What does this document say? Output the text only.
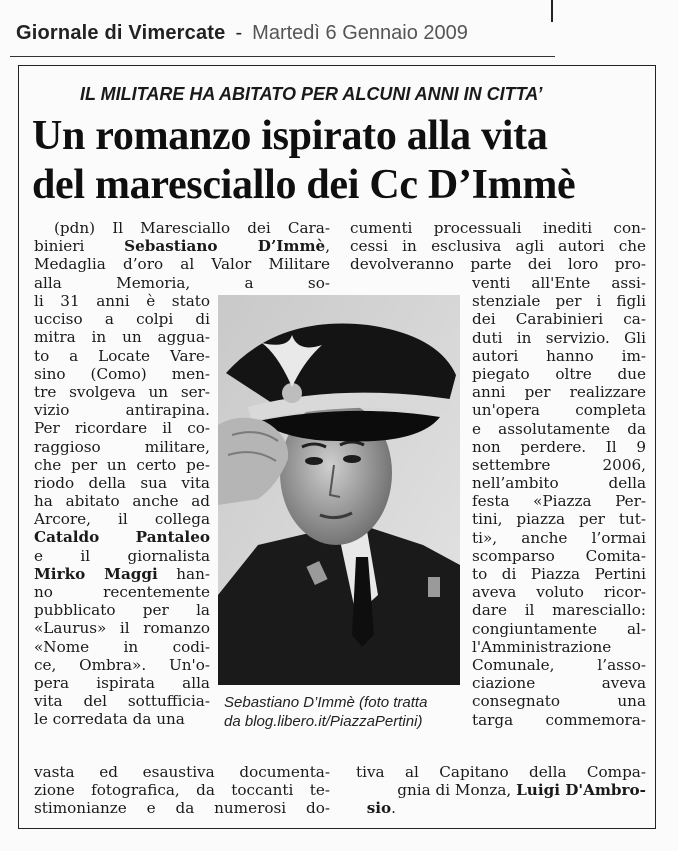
Giornale di Vimercate - Martedì 6 Gennaio 2009
IL MILITARE HA ABITATO PER ALCUNI ANNI IN CITTA’
Un romanzo ispirato alla vita
del maresciallo dei Cc D’Immè
(pdn) Il Maresciallo dei Cara-
binieri Sebastiano D’Immè,
Medaglia d’oro al Valor Militare
alla Memoria, a so-
li 31 anni è stato
ucciso a colpi di
mitra in un aggua-
to a Locate Vare-
sino (Como) men-
tre svolgeva un ser-
vizio antirapina.
Per ricordare il co-
raggioso militare,
che per un certo pe-
riodo della sua vita
ha abitato anche ad
Arcore, il collega
Cataldo Pantaleo
e il giornalista
Mirko Maggi han-
no recentemente
pubblicato per la
«Laurus» il romanzo
«Nome in codi-
ce, Ombra». Un'o-
pera ispirata alla
vita del sottufficia-
le corredata da una
vasta ed esaustiva documenta-
zione fotografica, da toccanti te-
stimonianze e da numerosi do-
cumenti processuali inediti con-
cessi in esclusiva agli autori che
devolveranno parte dei loro pro-
venti all'Ente assi-
stenziale per i figli
dei Carabinieri ca-
duti in servizio. Gli
autori hanno im-
piegato oltre due
anni per realizzare
un'opera completa
e assolutamente da
non perdere. Il 9
settembre 2006,
nell’ambito della
festa «Piazza Per-
tini, piazza per tut-
ti», anche l’ormai
scomparso Comita-
to di Piazza Pertini
aveva voluto ricor-
dare il maresciallo:
congiuntamente al-
l'Amministrazione
Comunale, l’asso-
ciazione aveva
consegnato una
targa commemora-
tiva al Capitano della Compa-
gnia di Monza, Luigi D'Ambro-
sio.
Sebastiano D’Immè (foto tratta
da blog.libero.it/PiazzaPertini)
